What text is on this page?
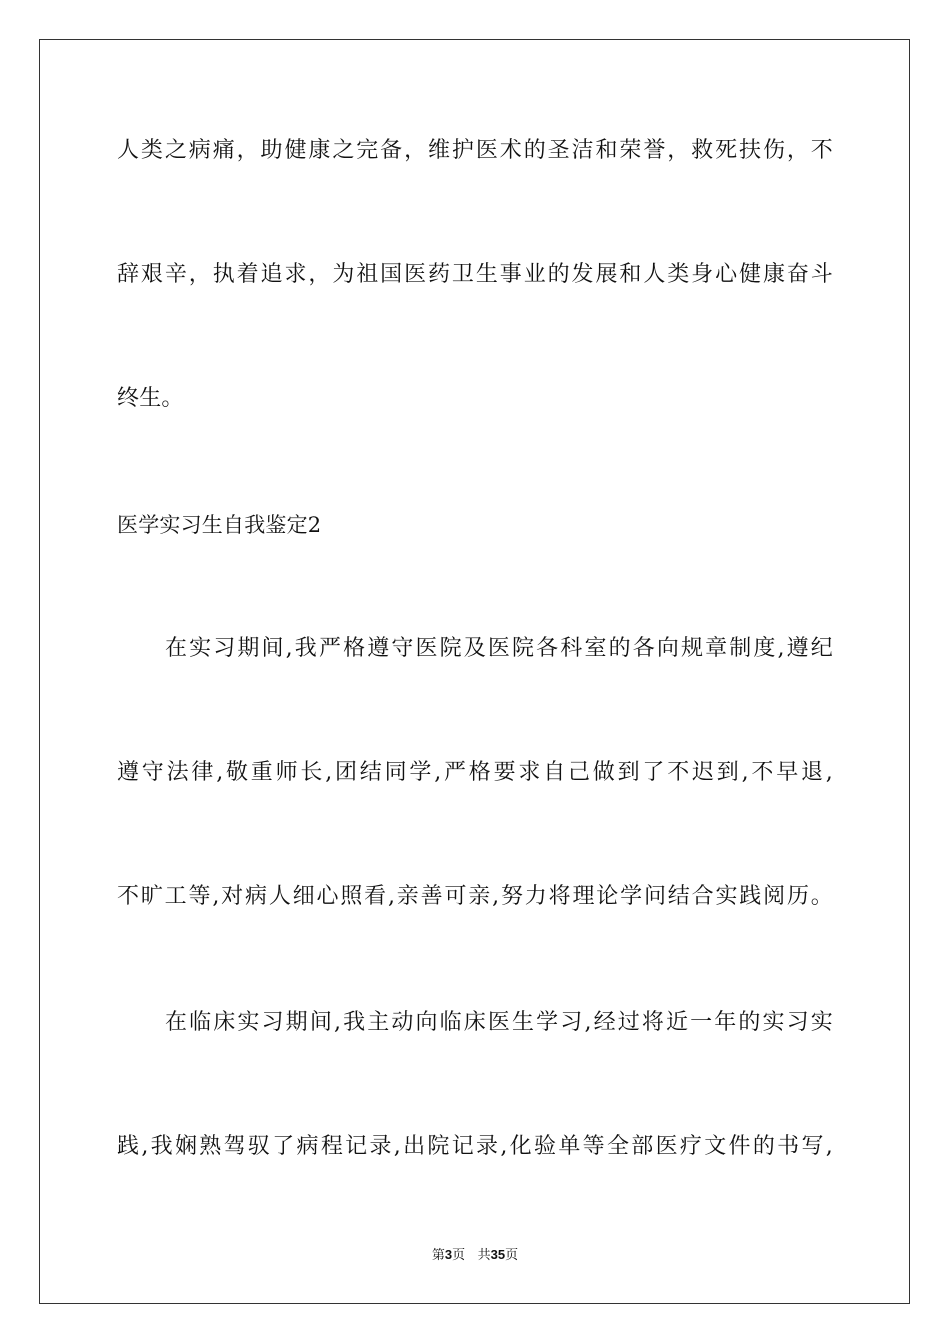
人类之病痛，助健康之完备，维护医术的圣洁和荣誉，救死扶伤，不
辞艰辛，执着追求，为祖国医药卫生事业的发展和人类身心健康奋斗
终生。
医学实习生自我鉴定2
在实习期间,我严格遵守医院及医院各科室的各向规章制度,遵纪
遵守法律,敬重师长,团结同学,严格要求自己做到了不迟到,不早退,
不旷工等,对病人细心照看,亲善可亲,努力将理论学问结合实践阅历。
在临床实习期间,我主动向临床医生学习,经过将近一年的实习实
践,我娴熟驾驭了病程记录,出院记录,化验单等全部医疗文件的书写,
第3页 共35页
